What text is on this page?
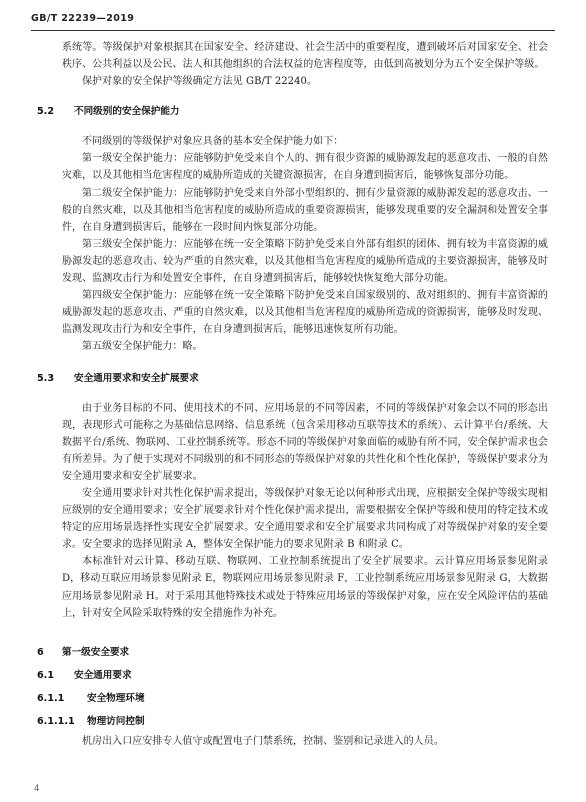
GB/T 22239—2019

系统等。等级保护对象根据其在国家安全、经济建设、社会生活中的重要程度，遭到破坏后对国家安全、社会秩序、公共利益以及公民、法人和其他组织的合法权益的危害程度等，由低到高被划分为五个安全保护等级。

保护对象的安全保护等级确定方法见 GB/T 22240。

5.2 不同级别的安全保护能力

不同级别的等级保护对象应具备的基本安全保护能力如下：

第一级安全保护能力：应能够防护免受来自个人的、拥有很少资源的威胁源发起的恶意攻击、一般的自然灾难，以及其他相当危害程度的威胁所造成的关键资源损害，在自身遭到损害后，能够恢复部分功能。

第二级安全保护能力：应能够防护免受来自外部小型组织的、拥有少量资源的威胁源发起的恶意攻击、一般的自然灾难，以及其他相当危害程度的威胁所造成的重要资源损害，能够发现重要的安全漏洞和处置安全事件，在自身遭到损害后，能够在一段时间内恢复部分功能。

第三级安全保护能力：应能够在统一安全策略下防护免受来自外部有组织的团体、拥有较为丰富资源的威胁源发起的恶意攻击、较为严重的自然灾难，以及其他相当危害程度的威胁所造成的主要资源损害，能够及时发现、监测攻击行为和处置安全事件，在自身遭到损害后，能够较快恢复绝大部分功能。

第四级安全保护能力：应能够在统一安全策略下防护免受来自国家级别的、敌对组织的、拥有丰富资源的威胁源发起的恶意攻击、严重的自然灾难，以及其他相当危害程度的威胁所造成的资源损害，能够及时发现、监测发现攻击行为和安全事件，在自身遭到损害后，能够迅速恢复所有功能。

第五级安全保护能力：略。

5.3 安全通用要求和安全扩展要求

由于业务目标的不同、使用技术的不同、应用场景的不同等因素，不同的等级保护对象会以不同的形态出现，表现形式可能称之为基础信息网络、信息系统（包含采用移动互联等技术的系统）、云计算平台/系统、大数据平台/系统、物联网、工业控制系统等。形态不同的等级保护对象面临的威胁有所不同，安全保护需求也会有所差异。为了便于实现对不同级别的和不同形态的等级保护对象的共性化和个性化保护，等级保护要求分为安全通用要求和安全扩展要求。

安全通用要求针对共性化保护需求提出，等级保护对象无论以何种形式出现，应根据安全保护等级实现相应级别的安全通用要求；安全扩展要求针对个性化保护需求提出，需要根据安全保护等级和使用的特定技术或特定的应用场景选择性实现安全扩展要求。安全通用要求和安全扩展要求共同构成了对等级保护对象的安全要求。安全要求的选择见附录 A，整体安全保护能力的要求见附录 B 和附录 C。

本标准针对云计算、移动互联、物联网、工业控制系统提出了安全扩展要求。云计算应用场景参见附录 D，移动互联应用场景参见附录 E，物联网应用场景参见附录 F，工业控制系统应用场景参见附录 G，大数据应用场景参见附录 H。对于采用其他特殊技术或处于特殊应用场景的等级保护对象，应在安全风险评估的基础上，针对安全风险采取特殊的安全措施作为补充。

6 第一级安全要求
6.1 安全通用要求
6.1.1 安全物理环境
6.1.1.1 物理访问控制

机房出入口应安排专人值守或配置电子门禁系统，控制、鉴别和记录进入的人员。

4
